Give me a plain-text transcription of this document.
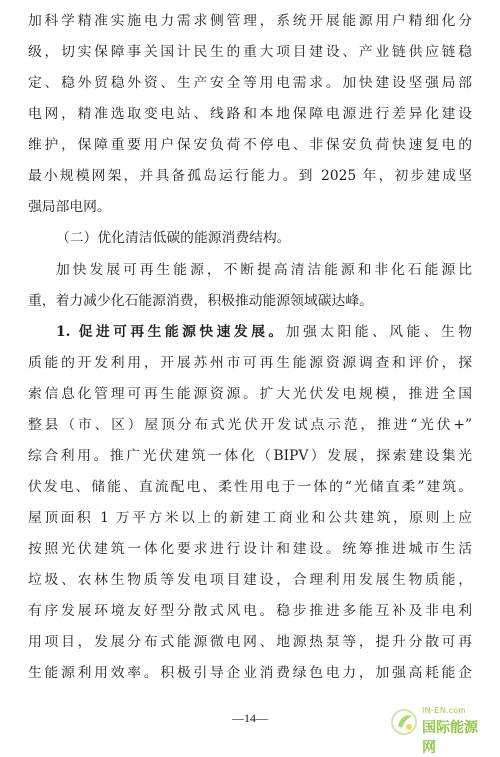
加科学精准实施电力需求侧管理，系统开展能源用户精细化分
级，切实保障事关国计民生的重大项目建设、产业链供应链稳
定、稳外贸稳外资、生产安全等用电需求。加快建设坚强局部
电网，精准选取变电站、线路和本地保障电源进行差异化建设
维护，保障重要用户保安负荷不停电、非保安负荷快速复电的
最小规模网架，并具备孤岛运行能力。到 2025 年，初步建成坚
强局部电网。
（二）优化清洁低碳的能源消费结构。
加快发展可再生能源，不断提高清洁能源和非化石能源比
重，着力减少化石能源消费，积极推动能源领域碳达峰。
1. 促进可再生能源快速发展。加强太阳能、风能、生物
质能的开发利用，开展苏州市可再生能源资源调查和评价，探
索信息化管理可再生能源资源。扩大光伏发电规模，推进全国
整县（市、区）屋顶分布式光伏开发试点示范，推进“光伏+”
综合利用。推广光伏建筑一体化（BIPV）发展，探索建设集光
伏发电、储能、直流配电、柔性用电于一体的“光储直柔”建筑。
屋顶面积 1 万平方米以上的新建工商业和公共建筑，原则上应
按照光伏建筑一体化要求进行设计和建设。统筹推进城市生活
垃圾、农林生物质等发电项目建设，合理利用发展生物质能，
有序发展环境友好型分散式风电。稳步推进多能互补及非电利
用项目，发展分布式能源微电网、地源热泵等，提升分散可再
生能源利用效率。积极引导企业消费绿色电力，加强高耗能企
—14—
IN-EN.com
国际能源网
